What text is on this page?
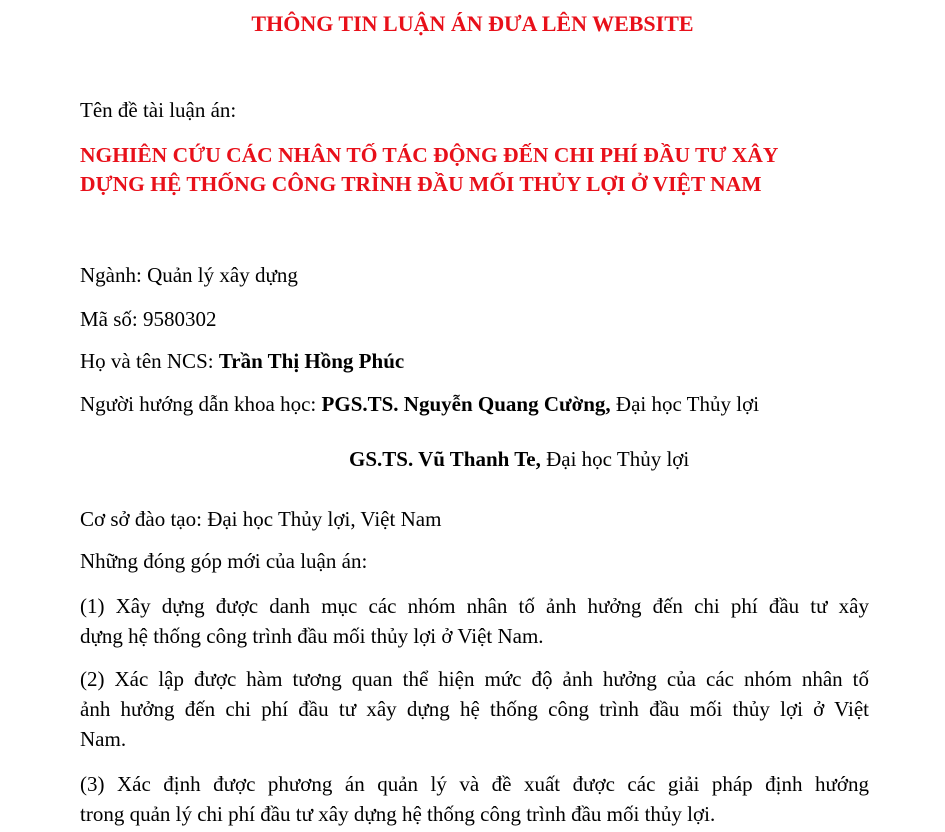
THÔNG TIN LUẬN ÁN ĐƯA LÊN WEBSITE
Tên đề tài luận án:
NGHIÊN CỨU CÁC NHÂN TỐ TÁC ĐỘNG ĐẾN CHI PHÍ ĐẦU TƯ XÂY
DỰNG HỆ THỐNG CÔNG TRÌNH ĐẦU MỐI THỦY LỢI Ở VIỆT NAM
Ngành: Quản lý xây dựng
Mã số: 9580302
Họ và tên NCS: Trần Thị Hồng Phúc
Người hướng dẫn khoa học: PGS.TS. Nguyễn Quang Cường, Đại học Thủy lợi
GS.TS. Vũ Thanh Te, Đại học Thủy lợi
Cơ sở đào tạo: Đại học Thủy lợi, Việt Nam
Những đóng góp mới của luận án:
(1) Xây dựng được danh mục các nhóm nhân tố ảnh hưởng đến chi phí đầu tư xây
dựng hệ thống công trình đầu mối thủy lợi ở Việt Nam.
(2) Xác lập được hàm tương quan thể hiện mức độ ảnh hưởng của các nhóm nhân tố
ảnh hưởng đến chi phí đầu tư xây dựng hệ thống công trình đầu mối thủy lợi ở Việt
Nam.
(3) Xác định được phương án quản lý và đề xuất được các giải pháp định hướng
trong quản lý chi phí đầu tư xây dựng hệ thống công trình đầu mối thủy lợi.
